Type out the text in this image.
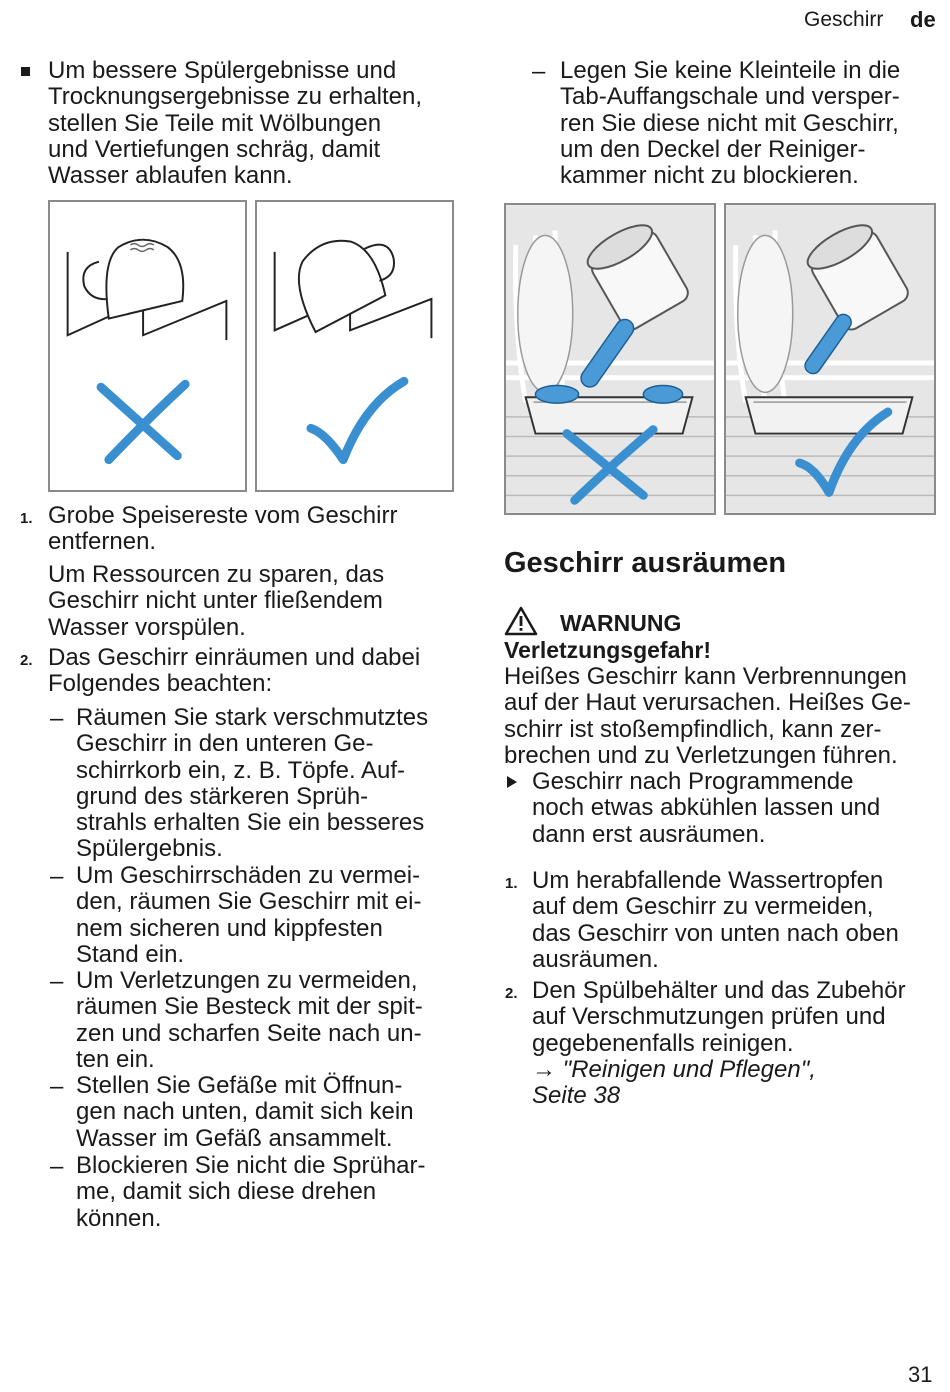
Geschirr de
Um bessere Spülergebnisse und
Trocknungsergebnisse zu erhalten,
stellen Sie Teile mit Wölbungen
und Vertiefungen schräg, damit
Wasser ablaufen kann.
1. Grobe Speisereste vom Geschirr
entfernen.
Um Ressourcen zu sparen, das
Geschirr nicht unter fließendem
Wasser vorspülen.
2. Das Geschirr einräumen und dabei
Folgendes beachten:
– Räumen Sie stark verschmutztes
Geschirr in den unteren Ge-
schirrkorb ein, z. B. Töpfe. Auf-
grund des stärkeren Sprüh-
strahls erhalten Sie ein besseres
Spülergebnis.
– Um Geschirrschäden zu vermei-
den, räumen Sie Geschirr mit ei-
nem sicheren und kippfesten
Stand ein.
– Um Verletzungen zu vermeiden,
räumen Sie Besteck mit der spit-
zen und scharfen Seite nach un-
ten ein.
– Stellen Sie Gefäße mit Öffnun-
gen nach unten, damit sich kein
Wasser im Gefäß ansammelt.
– Blockieren Sie nicht die Sprühar-
me, damit sich diese drehen
können.
– Legen Sie keine Kleinteile in die
Tab-Auffangschale und versper-
ren Sie diese nicht mit Geschirr,
um den Deckel der Reiniger-
kammer nicht zu blockieren.
Geschirr ausräumen
WARNUNG
Verletzungsgefahr!
Heißes Geschirr kann Verbrennungen
auf der Haut verursachen. Heißes Ge-
schirr ist stoßempfindlich, kann zer-
brechen und zu Verletzungen führen.
Geschirr nach Programmende
noch etwas abkühlen lassen und
dann erst ausräumen.
1. Um herabfallende Wassertropfen
auf dem Geschirr zu vermeiden,
das Geschirr von unten nach oben
ausräumen.
2. Den Spülbehälter und das Zubehör
auf Verschmutzungen prüfen und
gegebenenfalls reinigen.
→ "Reinigen und Pflegen",
Seite 38
31
